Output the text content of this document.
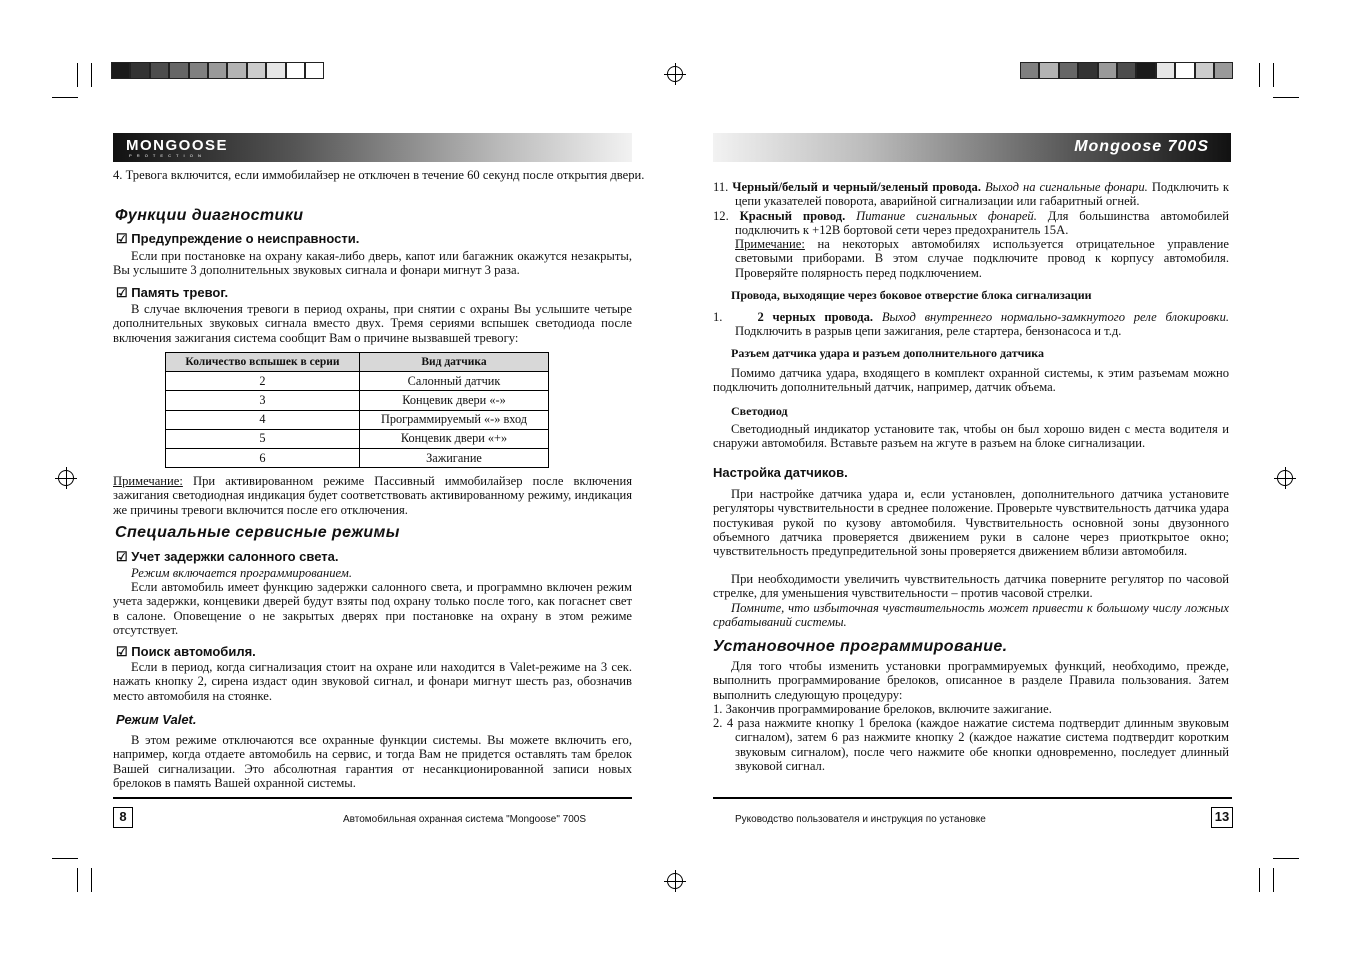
MONGOOSE
P R O T E C T I O N
4. Тревога включится, если иммобилайзер не отключен в течение 60 секунд после открытия двери.
Функции диагностики
☑ Предупреждение о неисправности.
Если при постановке на охрану какая-либо дверь, капот или багажник окажутся незакрыты, Вы услышите 3 дополнительных звуковых сигнала и фонари мигнут 3 раза.
☑ Память тревог.
В случае включения тревоги в период охраны, при снятии с охраны Вы услышите четыре дополнительных звуковых сигнала вместо двух. Тремя сериями вспышек светодиода после включения зажигания система сообщит Вам о причине вызвавшей тревогу:
Количество вспышек в серии	Вид датчика
2	Салонный датчик
3	Концевик двери «-»
4	Программируемый «-» вход
5	Концевик двери «+»
6	Зажигание
Примечание: При активированном режиме Пассивный иммобилайзер после включения зажигания светодиодная индикация будет соответствовать активированному режиму, индикация же причины тревоги включится после его отключения.
Специальные сервисные режимы
☑ Учет задержки салонного света.
Режим включается программированием.
Если автомобиль имеет функцию задержки салонного света, и программно включен режим учета задержки, концевики дверей будут взяты под охрану только после того, как погаснет свет в салоне. Оповещение о не закрытых дверях при постановке на охрану в этом режиме отсутствует.
☑ Поиск автомобиля.
Если в период, когда сигнализация стоит на охране или находится в Valet-режиме на 3 сек. нажать кнопку 2, сирена издаст один звуковой сигнал, и фонари мигнут шесть раз, обозначив место автомобиля на стоянке.
Режим Valet.
В этом режиме отключаются все охранные функции системы. Вы можете включить его, например, когда отдаете автомобиль на сервис, и тогда Вам не придется оставлять там брелок Вашей сигнализации. Это абсолютная гарантия от несанкционированной записи новых брелоков в память Вашей охранной системы.
8	Автомобильная охранная система "Mongoose" 700S
Mongoose 700S
11. Черный/белый и черный/зеленый провода. Выход на сигнальные фонари. Подключить к цепи указателей поворота, аварийной сигнализации или габаритный огней.
12. Красный провод. Питание сигнальных фонарей. Для большинства автомобилей подключить к +12В бортовой сети через предохранитель 15А.
Примечание: на некоторых автомобилях используется отрицательное управление световыми приборами. В этом случае подключите провод к корпусу автомобиля. Проверяйте полярность перед подключением.
Провода, выходящие через боковое отверстие блока сигнализации
1.	2 черных провода. Выход внутреннего нормально-замкнутого реле блокировки. Подключить в разрыв цепи зажигания, реле стартера, бензонасоса и т.д.
Разъем датчика удара и разъем дополнительного датчика
Помимо датчика удара, входящего в комплект охранной системы, к этим разъемам можно подключить дополнительный датчик, например, датчик объема.
Светодиод
Светодиодный индикатор установите так, чтобы он был хорошо виден с места водителя и снаружи автомобиля. Вставьте разъем на жгуте в разъем на блоке сигнализации.
Настройка датчиков.
При настройке датчика удара и, если установлен, дополнительного датчика установите регуляторы чувствительности в среднее положение. Проверьте чувствительность датчика удара постукивая рукой по кузову автомобиля. Чувствительность основной зоны двузонного объемного датчика проверяется движением руки в салоне через приоткрытое окно; чувствительность предупредительной зоны проверяется движением вблизи автомобиля.
При необходимости увеличить чувствительность датчика поверните регулятор по часовой стрелке, для уменьшения чувствительности – против часовой стрелки.
Помните, что избыточная чувствительность может привести к большому числу ложных срабатываний системы.
Установочное программирование.
Для того чтобы изменить установки программируемых функций, необходимо, прежде, выполнить программирование брелоков, описанное в разделе Правила пользования. Затем выполнить следующую процедуру:
1. Закончив программирование брелоков, включите зажигание.
2. 4 раза нажмите кнопку 1 брелока (каждое нажатие система подтвердит длинным звуковым сигналом), затем 6 раз нажмите кнопку 2 (каждое нажатие система подтвердит коротким звуковым сигналом), после чего нажмите обе кнопки одновременно, последует длинный звуковой сигнал.
Руководство пользователя и инструкция по установке	13
